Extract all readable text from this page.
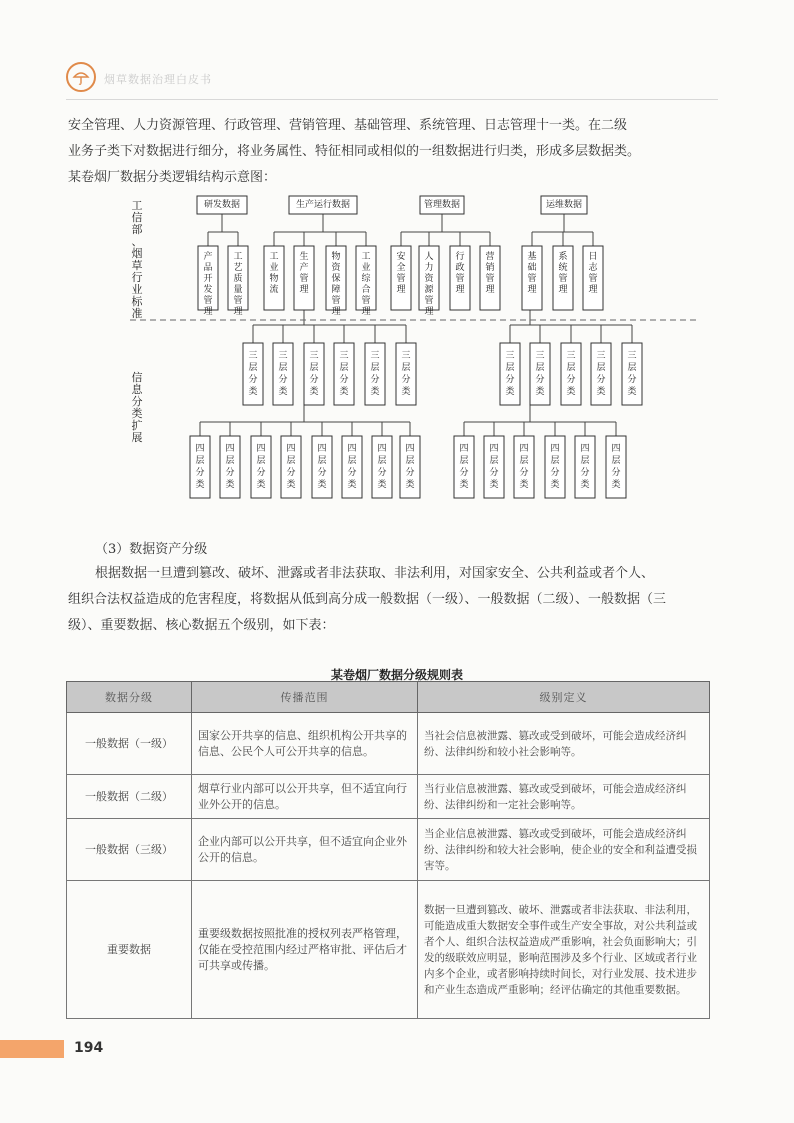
烟草数据治理白皮书
安全管理、人力资源管理、行政管理、营销管理、基础管理、系统管理、日志管理十一类。在二级
业务子类下对数据进行细分，将业务属性、特征相同或相似的一组数据进行归类，形成多层数据类。
某卷烟厂数据分类逻辑结构示意图：
研发数据	生产运行数据	管理数据	运维数据
产品开发管理
工艺质量管理
工业物流
生产管理
物资保障管理
工业综合管理
安全管理
人力资源管理
行政管理
营销管理
基础管理
系统管理
日志管理
三层分类
三层分类
三层分类
三层分类
三层分类
三层分类
三层分类
三层分类
三层分类
三层分类
三层分类
四层分类
四层分类
四层分类
四层分类
四层分类
四层分类
四层分类
四层分类
四层分类
四层分类
四层分类
四层分类
四层分类
四层分类
工信部、烟草行业标准
信息分类扩展
（3）数据资产分级
根据数据一旦遭到篡改、破坏、泄露或者非法获取、非法利用，对国家安全、公共利益或者个人、
组织合法权益造成的危害程度，将数据从低到高分成一般数据（一级）、一般数据（二级）、一般数据（三
级）、重要数据、核心数据五个级别，如下表：
某卷烟厂数据分级规则表
数据分级	传播范围	级别定义
一般数据（一级）	国家公开共享的信息、组织机构公开共享的信息、公民个人可公开共享的信息。	当社会信息被泄露、篡改或受到破坏，可能会造成经济纠纷、法律纠纷和较小社会影响等。
一般数据（二级）	烟草行业内部可以公开共享，但不适宜向行业外公开的信息。	当行业信息被泄露、篡改或受到破坏，可能会造成经济纠纷、法律纠纷和一定社会影响等。
一般数据（三级）	企业内部可以公开共享，但不适宜向企业外公开的信息。	当企业信息被泄露、篡改或受到破坏，可能会造成经济纠纷、法律纠纷和较大社会影响，使企业的安全和利益遭受损害等。
重要数据	重要级数据按照批准的授权列表严格管理，仅能在受控范围内经过严格审批、评估后才可共享或传播。	数据一旦遭到篡改、破坏、泄露或者非法获取、非法利用，可能造成重大数据安全事件或生产安全事故，对公共利益或者个人、组织合法权益造成严重影响，社会负面影响大；引发的级联效应明显，影响范围涉及多个行业、区域或者行业内多个企业，或者影响持续时间长，对行业发展、技术进步和产业生态造成严重影响；经评估确定的其他重要数据。
194
